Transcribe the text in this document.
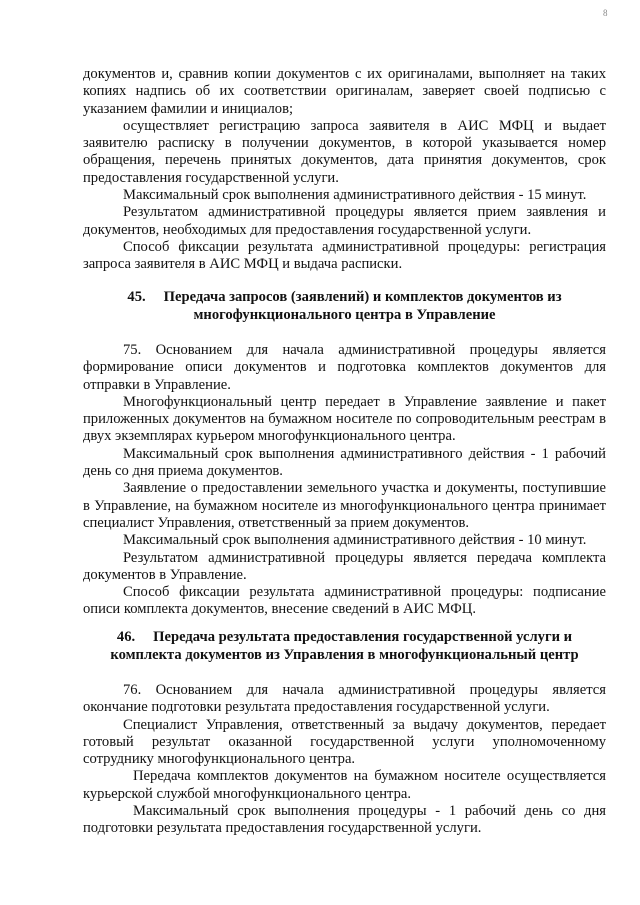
8

документов и, сравнив копии документов с их оригиналами, выполняет на таких копиях надпись об их соответствии оригиналам, заверяет своей подписью с указанием фамилии и инициалов;

осуществляет регистрацию запроса заявителя в АИС МФЦ и выдает заявителю расписку в получении документов, в которой указывается номер обращения, перечень принятых документов, дата принятия документов, срок предоставления государственной услуги.

Максимальный срок выполнения административного действия - 15 минут.

Результатом административной процедуры является прием заявления и документов, необходимых для предоставления государственной услуги.

Способ фиксации результата административной процедуры: регистрация запроса заявителя в АИС МФЦ и выдача расписки.

45. Передача запросов (заявлений) и комплектов документов из многофункционального центра в Управление

75. Основанием для начала административной процедуры является формирование описи документов и подготовка комплектов документов для отправки в Управление.

Многофункциональный центр передает в Управление заявление и пакет приложенных документов на бумажном носителе по сопроводительным реестрам в двух экземплярах курьером многофункционального центра.

Максимальный срок выполнения административного действия - 1 рабочий день со дня приема документов.

Заявление о предоставлении земельного участка и документы, поступившие в Управление, на бумажном носителе из многофункционального центра принимает специалист Управления, ответственный за прием документов.

Максимальный срок выполнения административного действия - 10 минут.

Результатом административной процедуры является передача комплекта документов в Управление.

Способ фиксации результата административной процедуры: подписание описи комплекта документов, внесение сведений в АИС МФЦ.

46. Передача результата предоставления государственной услуги и комплекта документов из Управления в многофункциональный центр

76. Основанием для начала административной процедуры является окончание подготовки результата предоставления государственной услуги.

Специалист Управления, ответственный за выдачу документов, передает готовый результат оказанной государственной услуги уполномоченному сотруднику многофункционального центра.

Передача комплектов документов на бумажном носителе осуществляется курьерской службой многофункционального центра.

Максимальный срок выполнения процедуры - 1 рабочий день со дня подготовки результата предоставления государственной услуги.
